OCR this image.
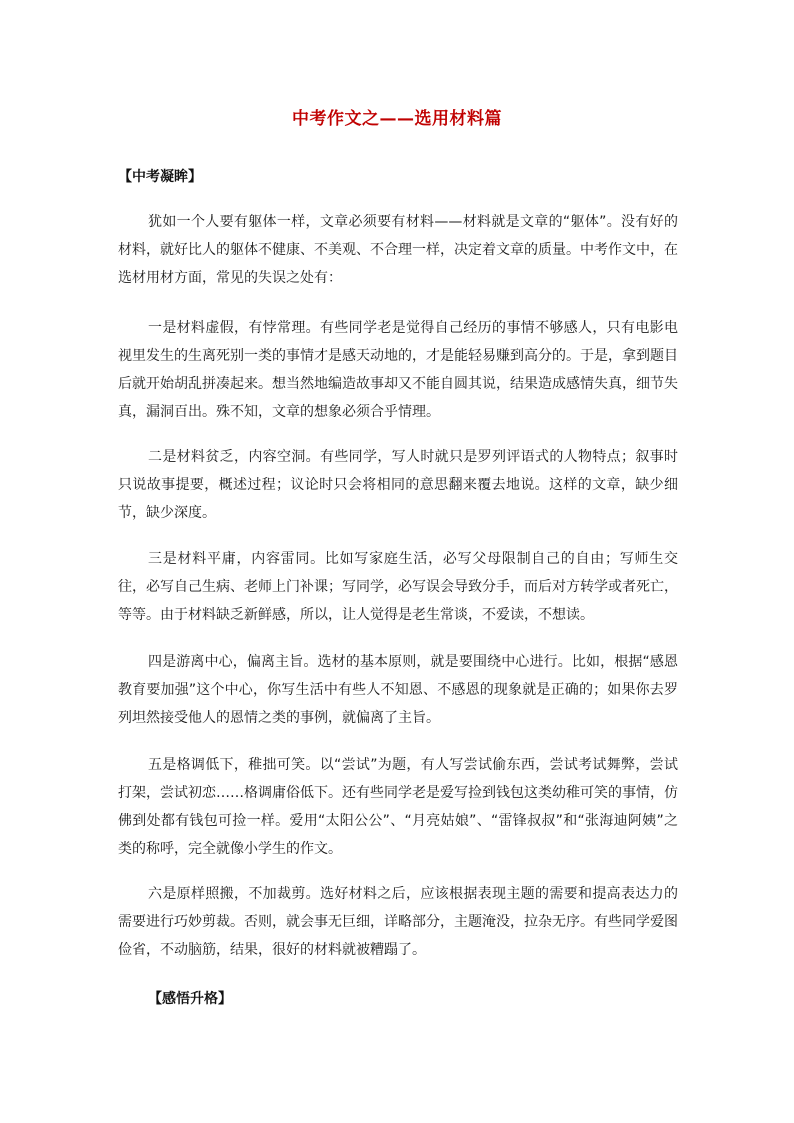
中考作文之——选用材料篇
【中考凝眸】

犹如一个人要有躯体一样，文章必须要有材料——材料就是文章的“躯体”。没有好的材料，就好比人的躯体不健康、不美观、不合理一样，决定着文章的质量。中考作文中，在选材用材方面，常见的失误之处有：

一是材料虚假，有悖常理。有些同学老是觉得自己经历的事情不够感人，只有电影电视里发生的生离死别一类的事情才是感天动地的，才是能轻易赚到高分的。于是，拿到题目后就开始胡乱拼凑起来。想当然地编造故事却又不能自圆其说，结果造成感情失真，细节失真，漏洞百出。殊不知，文章的想象必须合乎情理。

二是材料贫乏，内容空洞。有些同学，写人时就只是罗列评语式的人物特点；叙事时只说故事提要，概述过程；议论时只会将相同的意思翻来覆去地说。这样的文章，缺少细节，缺少深度。

三是材料平庸，内容雷同。比如写家庭生活，必写父母限制自己的自由；写师生交往，必写自己生病、老师上门补课；写同学，必写误会导致分手，而后对方转学或者死亡，等等。由于材料缺乏新鲜感，所以，让人觉得是老生常谈，不爱读，不想读。

四是游离中心，偏离主旨。选材的基本原则，就是要围绕中心进行。比如，根据“感恩教育要加强”这个中心，你写生活中有些人不知恩、不感恩的现象就是正确的；如果你去罗列坦然接受他人的恩情之类的事例，就偏离了主旨。

五是格调低下，稚拙可笑。以“尝试”为题，有人写尝试偷东西，尝试考试舞弊，尝试打架，尝试初恋……格调庸俗低下。还有些同学老是爱写捡到钱包这类幼稚可笑的事情，仿佛到处都有钱包可捡一样。爱用“太阳公公”、“月亮姑娘”、“雷锋叔叔”和“张海迪阿姨”之类的称呼，完全就像小学生的作文。

六是原样照搬，不加裁剪。选好材料之后，应该根据表现主题的需要和提高表达力的需要进行巧妙剪裁。否则，就会事无巨细，详略部分，主题淹没，拉杂无序。有些同学爱图俭省，不动脑筋，结果，很好的材料就被糟蹋了。

【感悟升格】
